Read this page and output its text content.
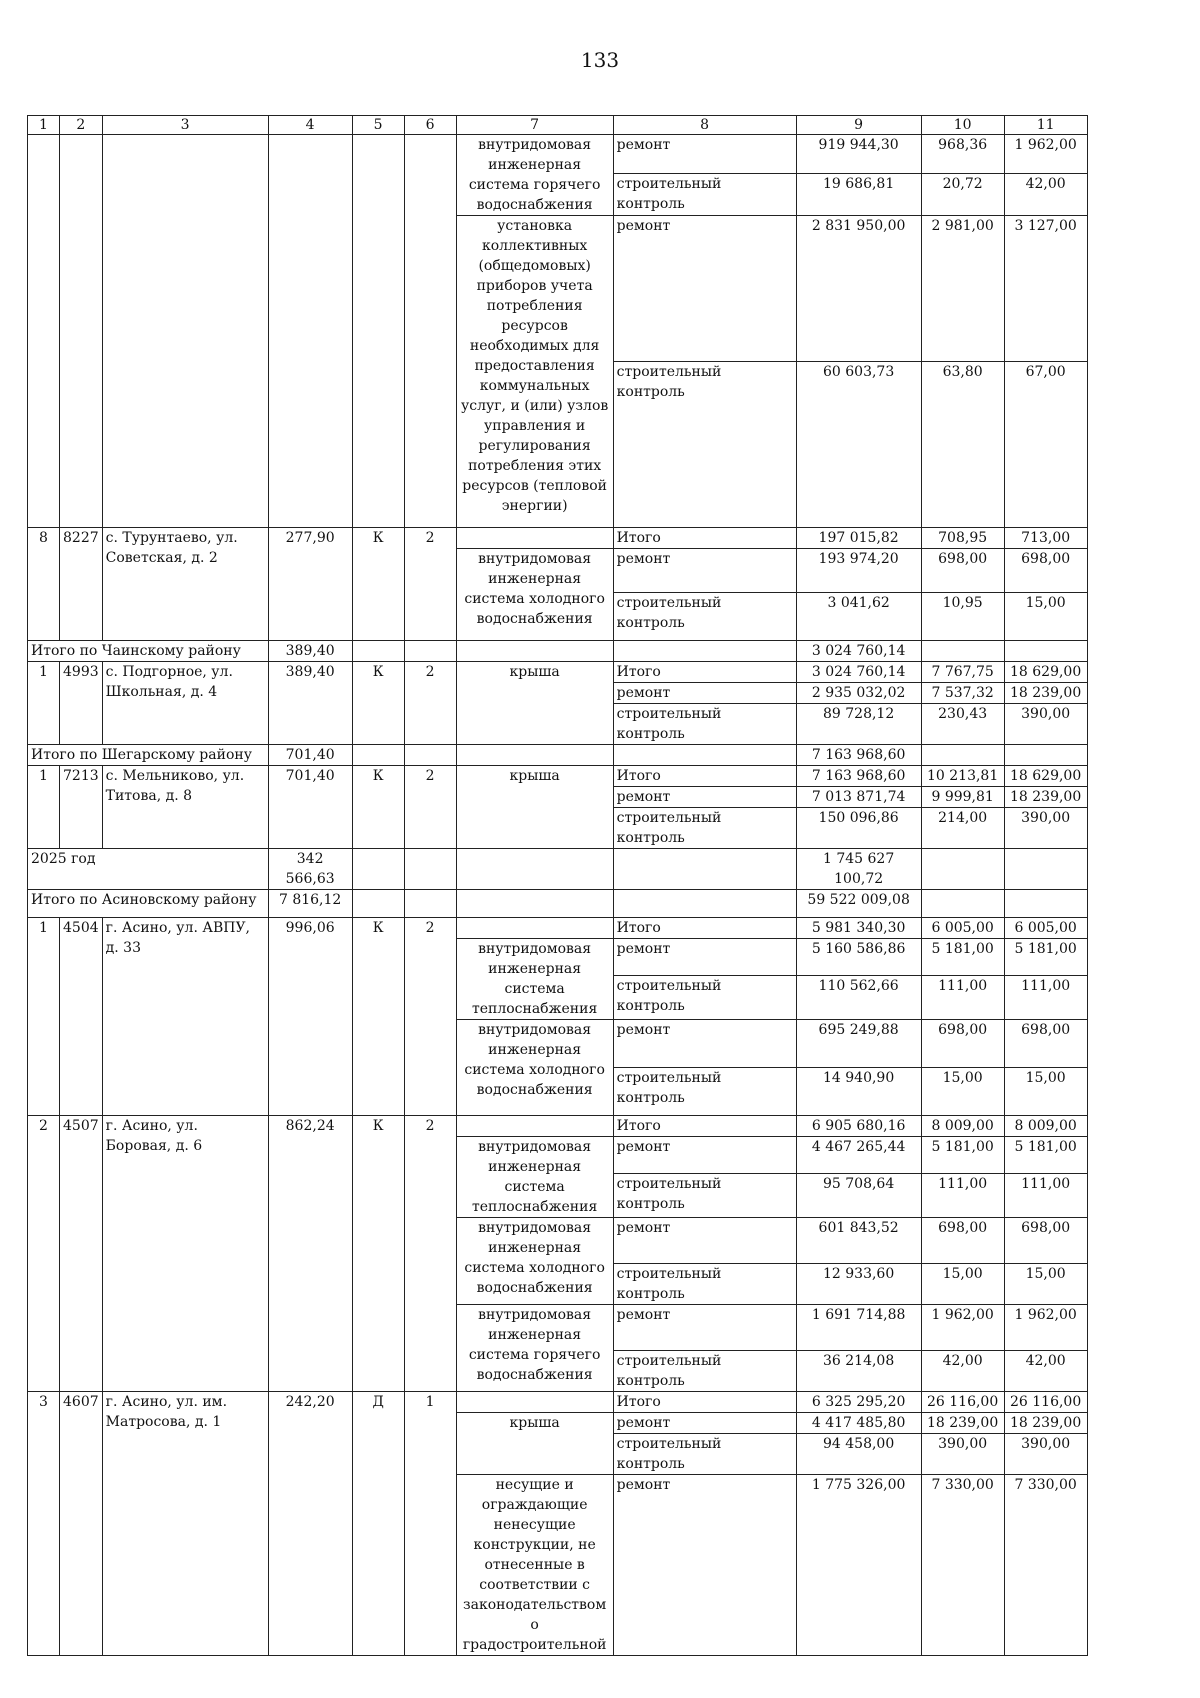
133
1	2	3	4	5	6	7	8	9	10	11
						внутридомовая инженерная система горячего водоснабжения	ремонт	919 944,30	968,36	1 962,00
							строительный контроль	19 686,81	20,72	42,00
						установка коллективных (общедомовых) приборов учета потребления ресурсов необходимых для предоставления коммунальных услуг, и (или) узлов управления и регулирования потребления этих ресурсов (тепловой энергии)	ремонт	2 831 950,00	2 981,00	3 127,00
							строительный контроль	60 603,73	63,80	67,00
8	8227	с. Турунтаево, ул. Советская, д. 2	277,90	К	2		Итого	197 015,82	708,95	713,00
						внутридомовая инженерная система холодного водоснабжения	ремонт	193 974,20	698,00	698,00
							строительный контроль	3 041,62	10,95	15,00
Итого по Чаинскому району			389,40					3 024 760,14		
1	4993	с. Подгорное, ул. Школьная, д. 4	389,40	К	2	крыша	Итого	3 024 760,14	7 767,75	18 629,00
							ремонт	2 935 032,02	7 537,32	18 239,00
							строительный контроль	89 728,12	230,43	390,00
Итого по Шегарскому району			701,40					7 163 968,60		
1	7213	с. Мельниково, ул. Титова, д. 8	701,40	К	2	крыша	Итого	7 163 968,60	10 213,81	18 629,00
							ремонт	7 013 871,74	9 999,81	18 239,00
							строительный контроль	150 096,86	214,00	390,00
2025 год			342 566,63					1 745 627 100,72		
Итого по Асиновскому району			7 816,12					59 522 009,08		
1	4504	г. Асино, ул. АВПУ, д. 33	996,06	К	2		Итого	5 981 340,30	6 005,00	6 005,00
						внутридомовая инженерная система теплоснабжения	ремонт	5 160 586,86	5 181,00	5 181,00
							строительный контроль	110 562,66	111,00	111,00
						внутридомовая инженерная система холодного водоснабжения	ремонт	695 249,88	698,00	698,00
							строительный контроль	14 940,90	15,00	15,00
2	4507	г. Асино, ул. Боровая, д. 6	862,24	К	2		Итого	6 905 680,16	8 009,00	8 009,00
						внутридомовая инженерная система теплоснабжения	ремонт	4 467 265,44	5 181,00	5 181,00
							строительный контроль	95 708,64	111,00	111,00
						внутридомовая инженерная система холодного водоснабжения	ремонт	601 843,52	698,00	698,00
							строительный контроль	12 933,60	15,00	15,00
						внутридомовая инженерная система горячего водоснабжения	ремонт	1 691 714,88	1 962,00	1 962,00
							строительный контроль	36 214,08	42,00	42,00
3	4607	г. Асино, ул. им. Матросова, д. 1	242,20	Д	1		Итого	6 325 295,20	26 116,00	26 116,00
						крыша	ремонт	4 417 485,80	18 239,00	18 239,00
							строительный контроль	94 458,00	390,00	390,00
						несущие и ограждающие ненесущие конструкции, не отнесенные в соответствии с законодательством о градостроительной	ремонт	1 775 326,00	7 330,00	7 330,00
